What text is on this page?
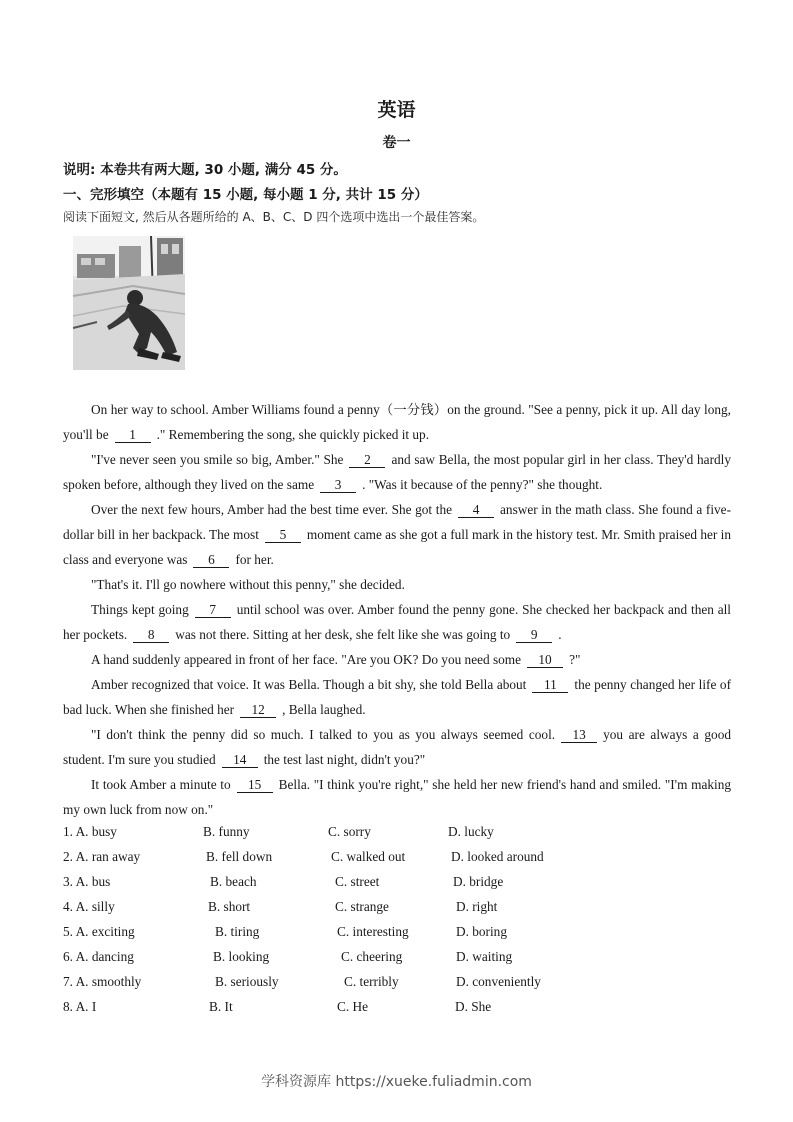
英语
卷一
说明: 本卷共有两大题, 30 小题, 满分 45 分。
一、完形填空（本题有 15 小题, 每小题 1 分, 共计 15 分）
阅读下面短文, 然后从各题所给的 A、B、C、D 四个选项中选出一个最佳答案。

On her way to school. Amber Williams found a penny（一分钱）on the ground. "See a penny, pick it up. All day long, you'll be 1 ." Remembering the song, she quickly picked it up.

"I've never seen you smile so big, Amber." She 2 and saw Bella, the most popular girl in her class. They'd hardly spoken before, although they lived on the same 3 . "Was it because of the penny?" she thought.

Over the next few hours, Amber had the best time ever. She got the 4 answer in the math class. She found a five-dollar bill in her backpack. The most 5 moment came as she got a full mark in the history test. Mr. Smith praised her in class and everyone was 6 for her.

"That's it. I'll go nowhere without this penny," she decided.

Things kept going 7 until school was over. Amber found the penny gone. She checked her backpack and then all her pockets. 8 was not there. Sitting at her desk, she felt like she was going to 9 .

A hand suddenly appeared in front of her face. "Are you OK? Do you need some 10 ?"

Amber recognized that voice. It was Bella. Though a bit shy, she told Bella about 11 the penny changed her life of bad luck. When she finished her 12 , Bella laughed.

"I don't think the penny did so much. I talked to you as you always seemed cool. 13 you are always a good student. I'm sure you studied 14 the test last night, didn't you?"

It took Amber a minute to 15 Bella. "I think you're right," she held her new friend's hand and smiled. "I'm making my own luck from now on."

1. A. busy	B. funny	C. sorry	D. lucky
2. A. ran away	B. fell down	C. walked out	D. looked around
3. A. bus	B. beach	C. street	D. bridge
4. A. silly	B. short	C. strange	D. right
5. A. exciting	B. tiring	C. interesting	D. boring
6. A. dancing	B. looking	C. cheering	D. waiting
7. A. smoothly	B. seriously	C. terribly	D. conveniently
8. A. I	B. It	C. He	D. She
学科资源库 https://xueke.fuliadmin.com
